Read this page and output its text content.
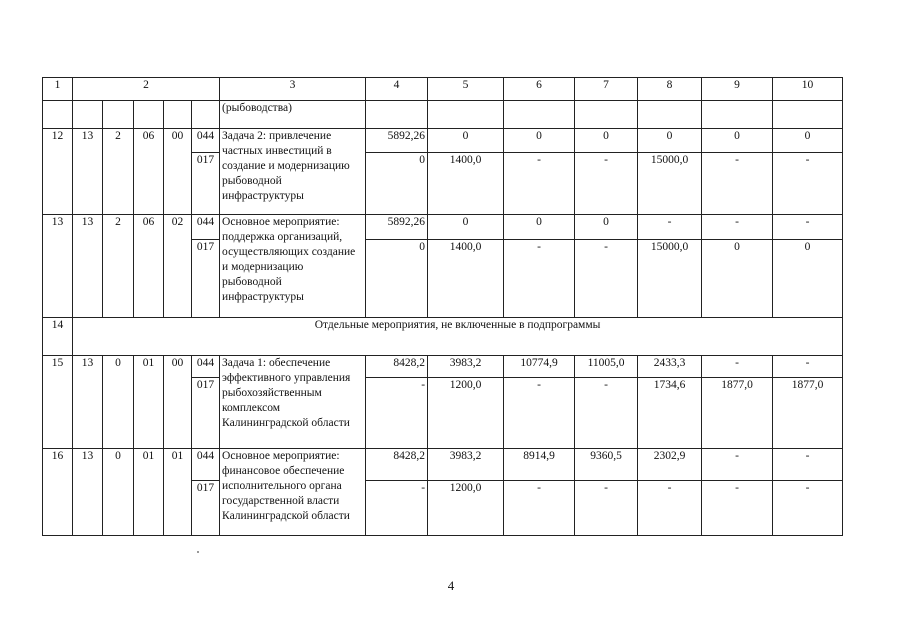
1	2					3	4	5	6	7	8	9	10
						(рыбоводства)							
12	13	2	06	00	044	Задача 2: привлечение частных инвестиций в создание и модернизацию рыбоводной инфраструктуры	5892,26	0	0	0	0	0	0
					017		0	1400,0	-	-	15000,0	-	-
13	13	2	06	02	044	Основное мероприятие: поддержка организаций, осуществляющих создание и модернизацию рыбоводной инфраструктуры	5892,26	0	0	0	-	-	-
					017		0	1400,0	-	-	15000,0	0	0
14	Отдельные мероприятия, не включенные в подпрограммы												
15	13	0	01	00	044	Задача 1: обеспечение эффективного управления рыбохозяйственным комплексом Калининградской области	8428,2	3983,2	10774,9	11005,0	2433,3	-	-
					017		-	1200,0	-	-	1734,6	1877,0	1877,0
16	13	0	01	01	044	Основное мероприятие: финансовое обеспечение исполнительного органа государственной власти Калининградской области	8428,2	3983,2	8914,9	9360,5	2302,9	-	-
					017		-	1200,0	-	-	-	-	-
4
